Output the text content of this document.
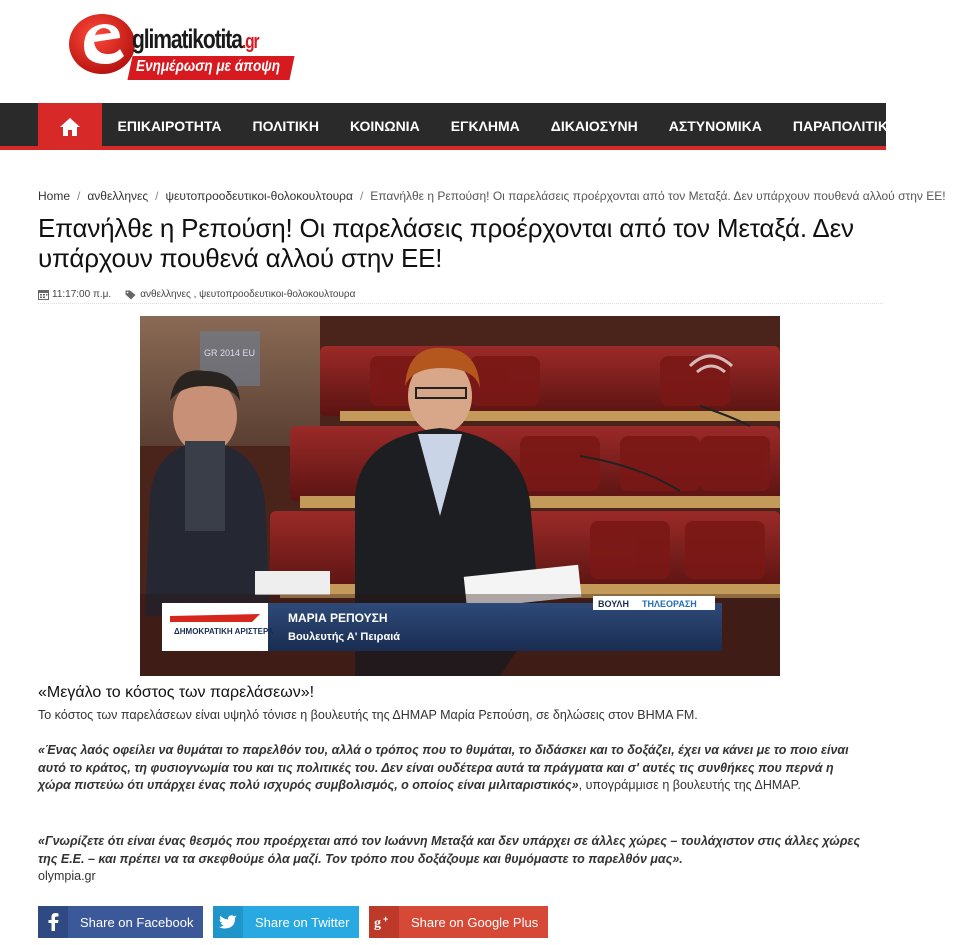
glimatikotita.gr
Ενημέρωση με άποψη
ΕΠΙΚΑΙΡΟΤΗΤΑ	ΠΟΛΙΤΙΚΗ	ΚΟΙΝΩΝΙΑ	ΕΓΚΛΗΜΑ	ΔΙΚΑΙΟΣΥΝΗ	ΑΣΤΥΝΟΜΙΚΑ	ΠΑΡΑΠΟΛΙΤΙΚΑ	Α
Home / ανθελληνες / ψευτοπροοδευτικοι-θολοκουλτουρα / Επανήλθε η Ρεπούση! Οι παρελάσεις προέρχονται από τον Μεταξά. Δεν υπάρχουν πουθενά αλλού στην ΕΕ!
Επανήλθε η Ρεπούση! Οι παρελάσεις προέρχονται από τον Μεταξά. Δεν υπάρχουν πουθενά αλλού στην ΕΕ!
11:17:00 π.μ.	ανθελληνες , ψευτοπροοδευτικοι-θολοκουλτουρα
GR 2014 EU
ΔΗΜΟΚΡΑΤΙΚΗ ΑΡΙΣΤΕΡΑ
ΜΑΡΙΑ ΡΕΠΟΥΣΗ
Βουλευτής Α' Πειραιά
ΒΟΥΛΗ ΤΗΛΕΟΡΑΣΗ
«Μεγάλο το κόστος των παρελάσεων»!

Το κόστος των παρελάσεων είναι υψηλό τόνισε η βουλευτής της ΔΗΜΑΡ Μαρία Ρεπούση, σε δηλώσεις στον ΒΗΜΑ FM.

«Ένας λαός οφείλει να θυμάται το παρελθόν του, αλλά ο τρόπος που το θυμάται, το διδάσκει και το δοξάζει, έχει να κάνει με το ποιο είναι αυτό το κράτος, τη φυσιογνωμία του και τις πολιτικές του. Δεν είναι ουδέτερα αυτά τα πράγματα και σ' αυτές τις συνθήκες που περνά η χώρα πιστεύω ότι υπάρχει ένας πολύ ισχυρός συμβολισμός, ο οποίος είναι μιλιταριστικός», υπογράμμισε η βουλευτής της ΔΗΜΑΡ.

«Γνωρίζετε ότι είναι ένας θεσμός που προέρχεται από τον Ιωάννη Μεταξά και δεν υπάρχει σε άλλες χώρες – τουλάχιστον στις άλλες χώρες της Ε.Ε. – και πρέπει να τα σκεφθούμε όλα μαζί. Τον τρόπο που δοξάζουμε και θυμόμαστε το παρελθόν μας».
olympia.gr

Share on Facebook	Share on Twitter g +	Share on Google Plus
